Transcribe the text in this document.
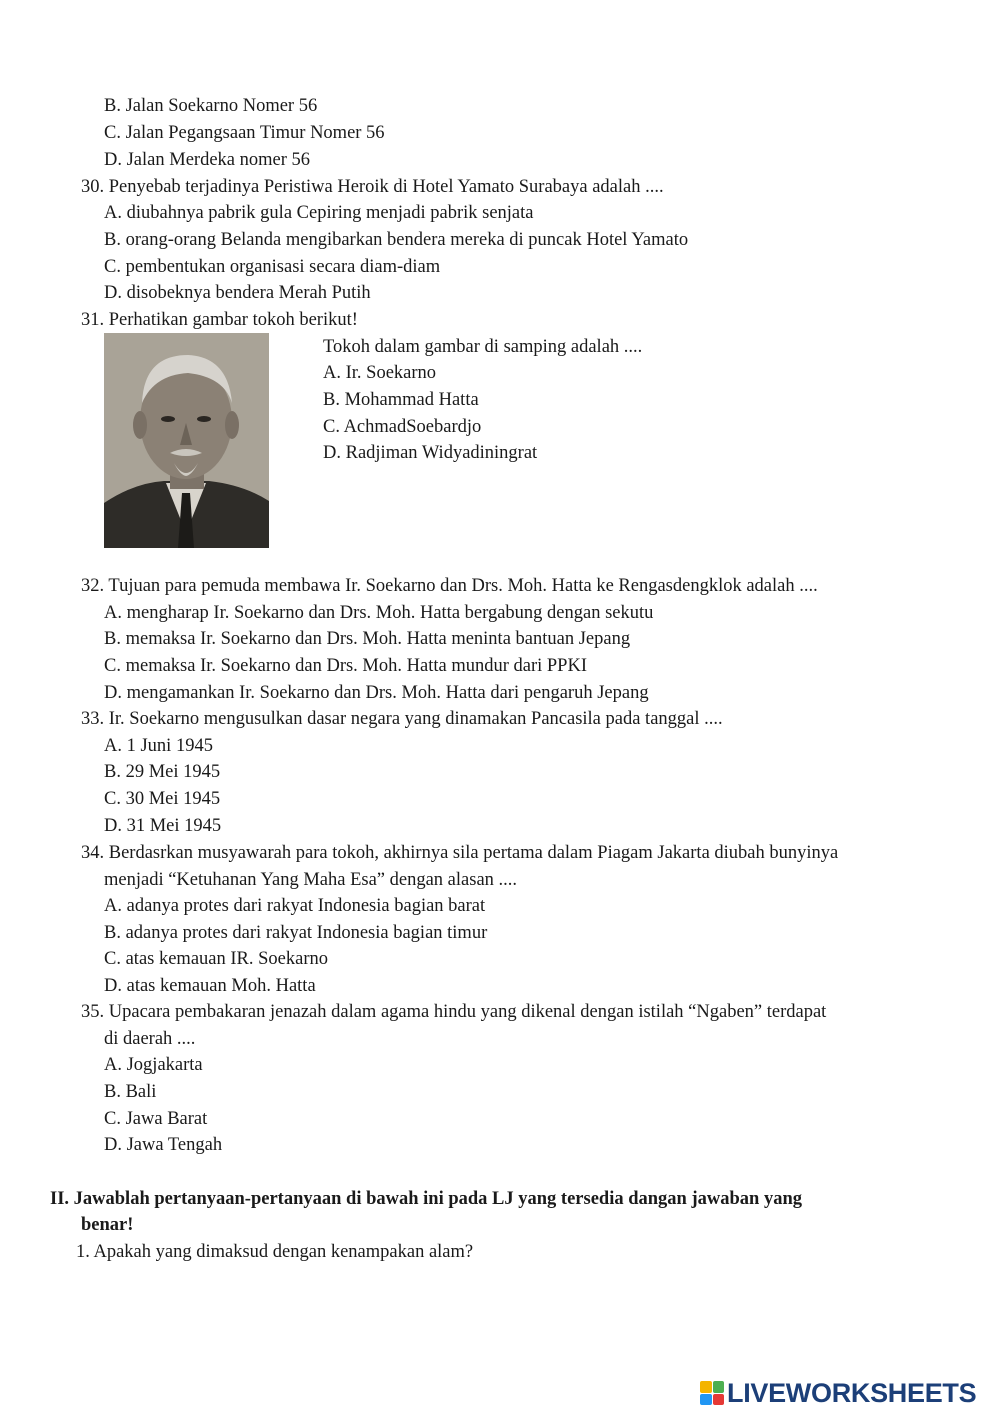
B. Jalan Soekarno Nomer 56
C. Jalan Pegangsaan Timur Nomer 56
D. Jalan Merdeka nomer 56
30. Penyebab terjadinya Peristiwa Heroik di Hotel Yamato Surabaya adalah ....
A. diubahnya pabrik gula Cepiring menjadi pabrik senjata
B. orang-orang Belanda mengibarkan bendera mereka di puncak Hotel Yamato
C. pembentukan organisasi secara diam-diam
D. disobeknya bendera Merah Putih
31. Perhatikan gambar tokoh berikut!
Tokoh dalam gambar di samping adalah ....
A. Ir. Soekarno
B. Mohammad Hatta
C. AchmadSoebardjo
D. Radjiman Widyadiningrat
32. Tujuan para pemuda membawa Ir. Soekarno dan Drs. Moh. Hatta ke Rengasdengklok adalah ....
A. mengharap Ir. Soekarno dan Drs. Moh. Hatta bergabung dengan sekutu
B. memaksa Ir. Soekarno dan Drs. Moh. Hatta meninta bantuan Jepang
C. memaksa Ir. Soekarno dan Drs. Moh. Hatta mundur dari PPKI
D. mengamankan Ir. Soekarno dan Drs. Moh. Hatta dari pengaruh Jepang
33. Ir. Soekarno mengusulkan dasar negara yang dinamakan Pancasila pada tanggal ....
A. 1 Juni 1945
B. 29 Mei 1945
C. 30 Mei 1945
D. 31 Mei 1945
34. Berdasrkan musyawarah para tokoh, akhirnya sila pertama dalam Piagam Jakarta diubah bunyinya
menjadi “Ketuhanan Yang Maha Esa” dengan alasan ....
A. adanya protes dari rakyat Indonesia bagian barat
B. adanya protes dari rakyat Indonesia bagian timur
C. atas kemauan IR. Soekarno
D. atas kemauan Moh. Hatta
35. Upacara pembakaran jenazah dalam agama hindu yang dikenal dengan istilah “Ngaben” terdapat
di daerah ....
A. Jogjakarta
B. Bali
C. Jawa Barat
D. Jawa Tengah
II. Jawablah pertanyaan-pertanyaan di bawah ini pada LJ yang tersedia dangan jawaban yang
benar!
1. Apakah yang dimaksud dengan kenampakan alam?
LIVEWORKSHEETS
